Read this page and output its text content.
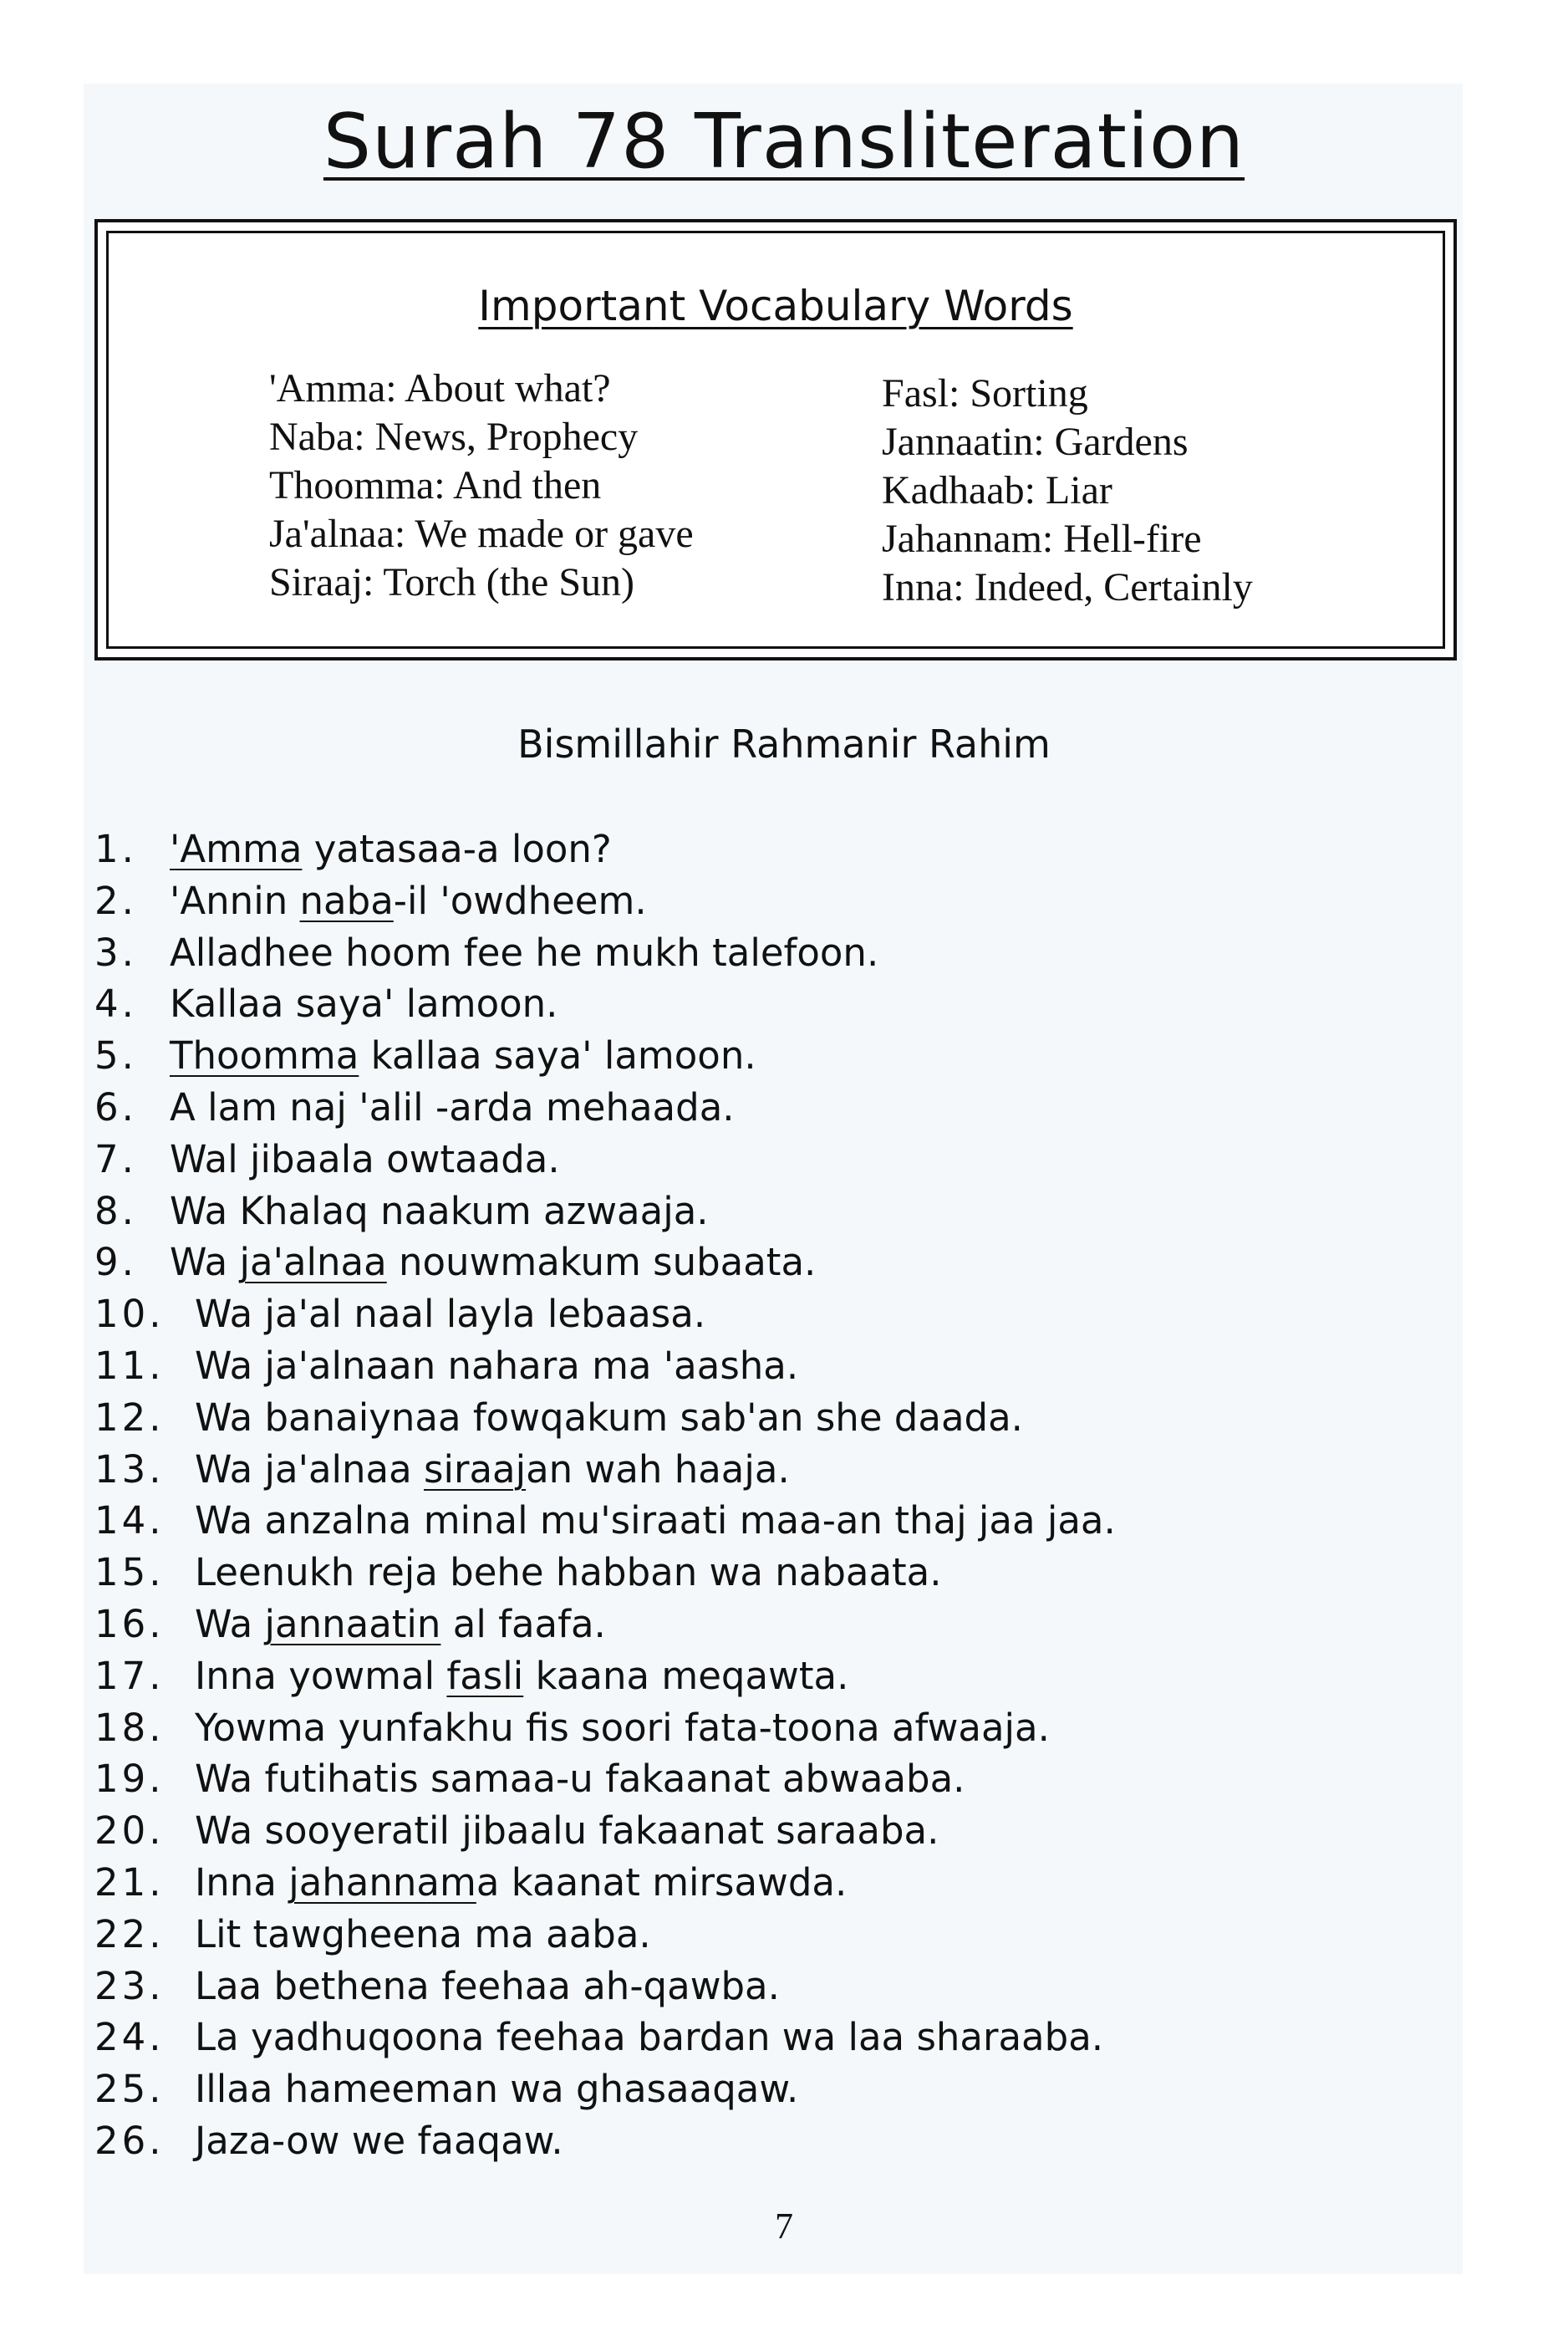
Surah 78 Transliteration
Important Vocabulary Words
'Amma: About what?
Naba: News, Prophecy
Thoomma: And then
Ja'alnaa: We made or gave
Siraaj: Torch (the Sun)
Fasl: Sorting
Jannaatin: Gardens
Kadhaab: Liar
Jahannam: Hell-fire
Inna: Indeed, Certainly
Bismillahir Rahmanir Rahim
1. 'Amma yatasaa-a loon?
2. 'Annin naba-il 'owdheem.
3. Alladhee hoom fee he mukh talefoon.
4. Kallaa saya' lamoon.
5. Thoomma kallaa saya' lamoon.
6. A lam naj 'alil -arda mehaada.
7. Wal jibaala owtaada.
8. Wa Khalaq naakum azwaaja.
9. Wa ja'alnaa nouwmakum subaata.
10. Wa ja'al naal layla lebaasa.
11. Wa ja'alnaan nahara ma 'aasha.
12. Wa banaiynaa fowqakum sab'an she daada.
13. Wa ja'alnaa siraajan wah haaja.
14. Wa anzalna minal mu'siraati maa-an thaj jaa jaa.
15. Leenukh reja behe habban wa nabaata.
16. Wa jannaatin al faafa.
17. Inna yowmal fasli kaana meqawta.
18. Yowma yunfakhu fis soori fata-toona afwaaja.
19. Wa futihatis samaa-u fakaanat abwaaba.
20. Wa sooyeratil jibaalu fakaanat saraaba.
21. Inna jahannama kaanat mirsawda.
22. Lit tawgheena ma aaba.
23. Laa bethena feehaa ah-qawba.
24. La yadhuqoona feehaa bardan wa laa sharaaba.
25. Illaa hameeman wa ghasaaqaw.
26. Jaza-ow we faaqaw.
7
